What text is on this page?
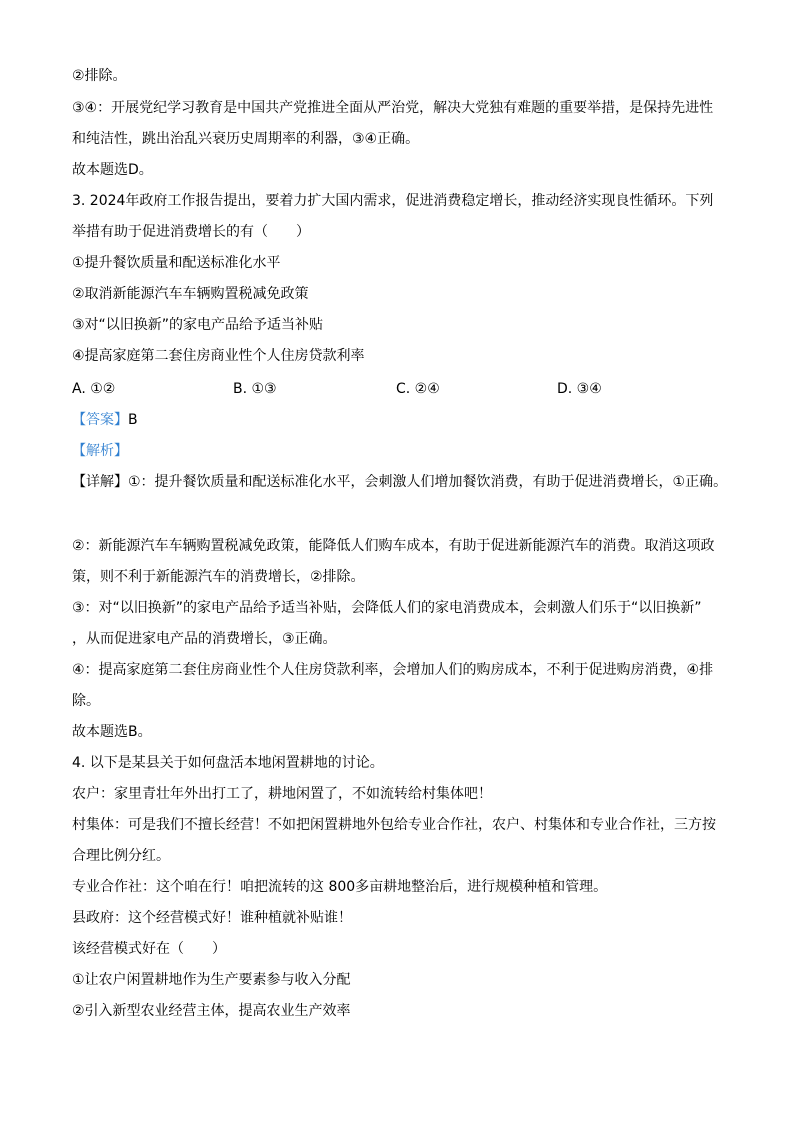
②排除。
③④：开展党纪学习教育是中国共产党推进全面从严治党，解决大党独有难题的重要举措，是保持先进性
和纯洁性，跳出治乱兴衰历史周期率的利器，③④正确。
故本题选D。
3. 2024年政府工作报告提出，要着力扩大国内需求，促进消费稳定增长，推动经济实现良性循环。下列
举措有助于促进消费增长的有（　　）
①提升餐饮质量和配送标准化水平
②取消新能源汽车车辆购置税减免政策
③对“以旧换新”的家电产品给予适当补贴
④提高家庭第二套住房商业性个人住房贷款利率
A. ①②	B. ①③	C. ②④	D. ③④
【答案】B
【解析】
【详解】①：提升餐饮质量和配送标准化水平，会刺激人们增加餐饮消费，有助于促进消费增长，①正确。
②：新能源汽车车辆购置税减免政策，能降低人们购车成本，有助于促进新能源汽车的消费。取消这项政
策，则不利于新能源汽车的消费增长，②排除。
③：对“以旧换新”的家电产品给予适当补贴，会降低人们的家电消费成本，会刺激人们乐于“以旧换新”
，从而促进家电产品的消费增长，③正确。
④：提高家庭第二套住房商业性个人住房贷款利率，会增加人们的购房成本，不利于促进购房消费，④排
除。
故本题选B。
4. 以下是某县关于如何盘活本地闲置耕地的讨论。
农户：家里青壮年外出打工了，耕地闲置了，不如流转给村集体吧！
村集体：可是我们不擅长经营！不如把闲置耕地外包给专业合作社，农户、村集体和专业合作社，三方按
合理比例分红。
专业合作社：这个咱在行！咱把流转的这 800多亩耕地整治后，进行规模种植和管理。
县政府：这个经营模式好！谁种植就补贴谁！
该经营模式好在（　　）
①让农户闲置耕地作为生产要素参与收入分配
②引入新型农业经营主体，提高农业生产效率
